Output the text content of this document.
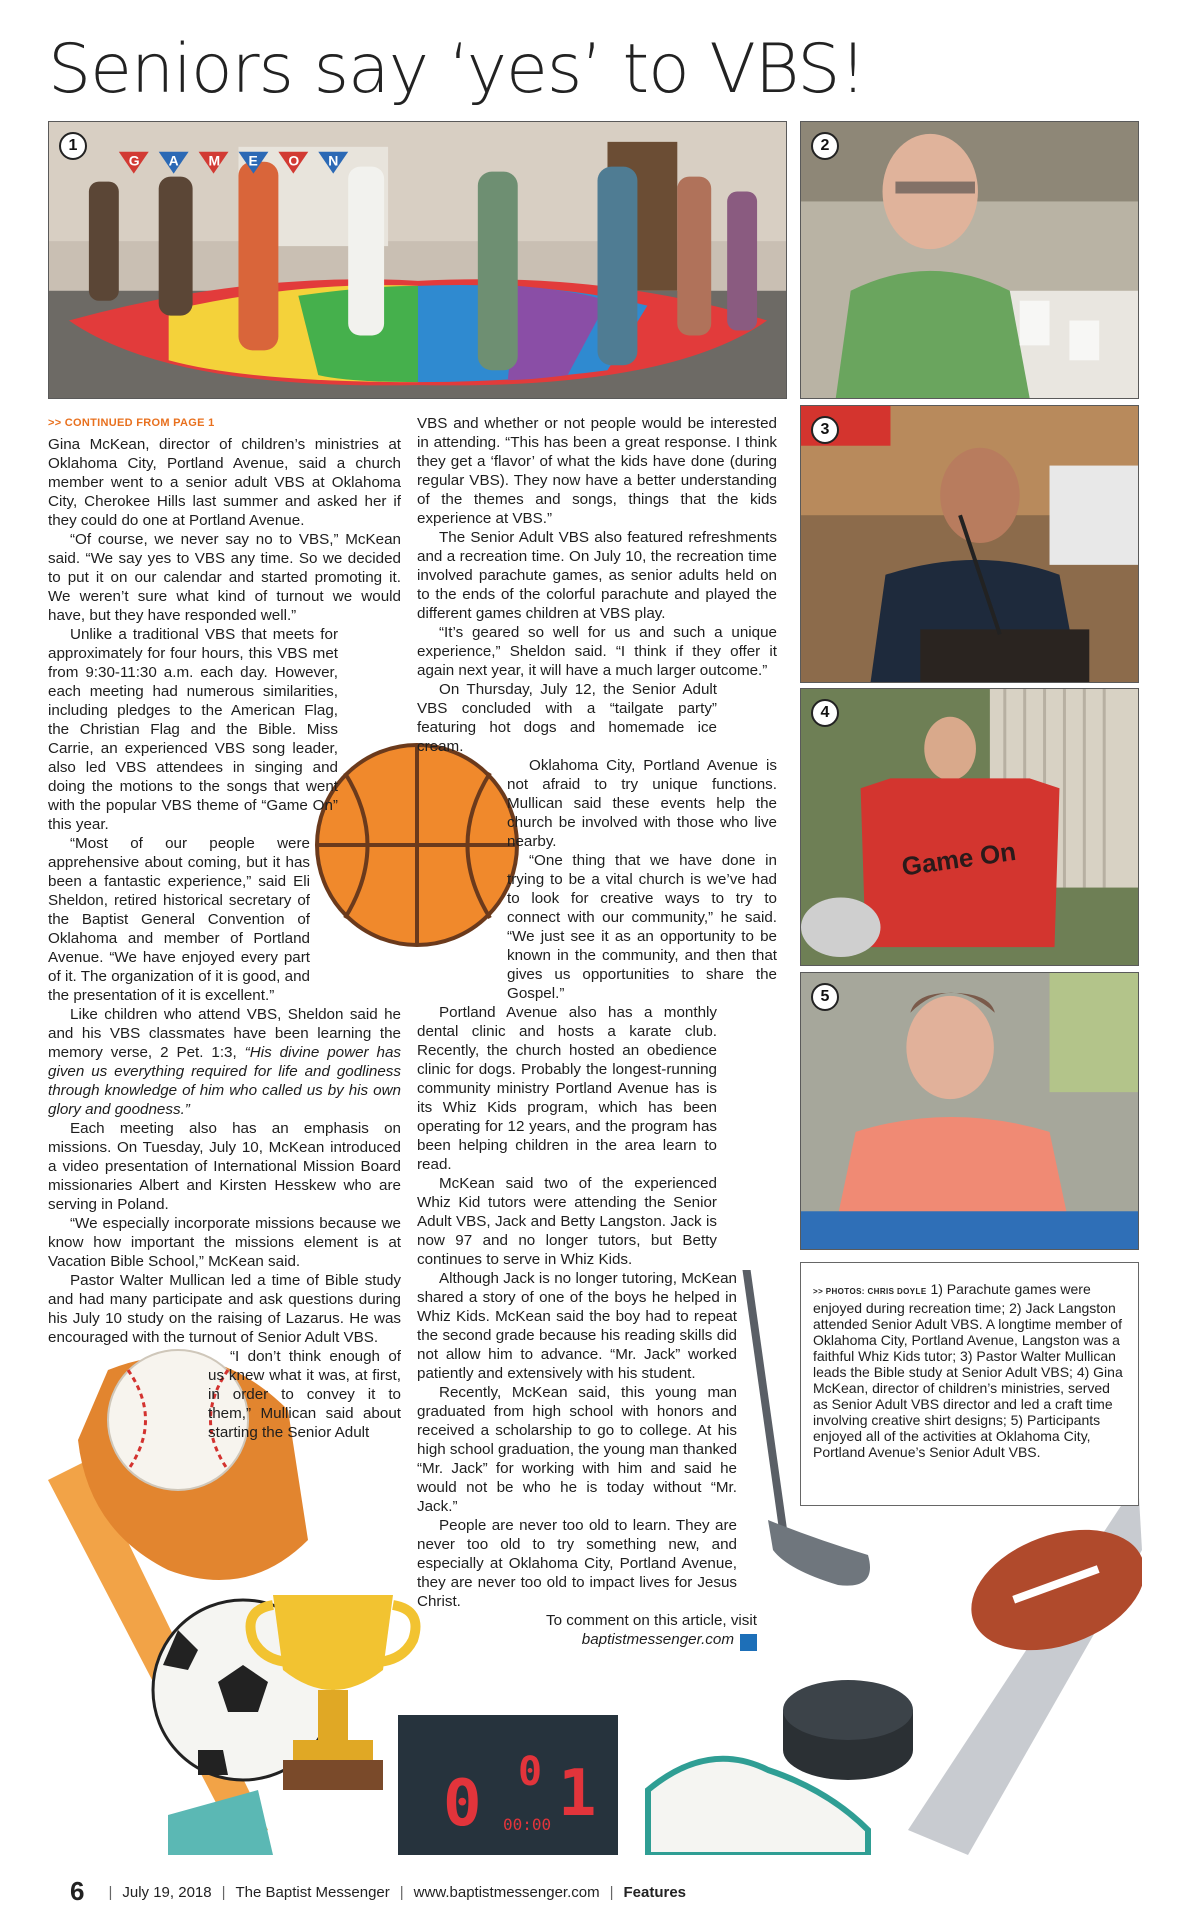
Seniors say ‘yes’ to VBS!
G A M E O N
1	2
3
Game On
4
5
0 0 1
00:00

>> CONTINUED FROM PAGE 1

Gina McKean, director of children’s ministries at Oklahoma City, Portland Avenue, said a church member went to a senior adult VBS at Oklahoma City, Cherokee Hills last summer and asked her if they could do one at Portland Avenue.

“Of course, we never say no to VBS,” McKean said. “We say yes to VBS any time. So we decided to put it on our calendar and started promoting it. We weren’t sure what kind of turnout we would have, but they have responded well.”

Unlike a traditional VBS that meets for approximately for four hours, this VBS met from 9:30-11:30 a.m. each day. However, each meeting had numerous similarities, including pledges to the American Flag, the Christian Flag and the Bible. Miss Carrie, an experienced VBS song leader, also led VBS attendees in singing and doing the motions to the songs that went with the popular VBS theme of “Game On” this year.

“Most of our people were apprehensive about coming, but it has been a fantastic experience,” said Eli Sheldon, retired historical secretary of the Baptist General Convention of Oklahoma and member of Portland Avenue. “We have enjoyed every part of it. The organization of it is good, and the presentation of it is excellent.”

Like children who attend VBS, Sheldon said he and his VBS classmates have been learning the memory verse, 2 Pet. 1:3, “His divine power has given us everything required for life and godliness through knowledge of him who called us by his own glory and goodness.”

Each meeting also has an emphasis on missions. On Tuesday, July 10, McKean introduced a video presentation of International Mission Board missionaries Albert and Kirsten Hesskew who are serving in Poland.

“We especially incorporate missions because we know how important the missions element is at Vacation Bible School,” McKean said.

Pastor Walter Mullican led a time of Bible study and had many participate and ask questions during his July 10 study on the raising of Lazarus. He was encouraged with the turnout of Senior Adult VBS.

“I don’t think enough of us knew what it was, at first, in order to convey it to them,” Mullican said about starting the Senior Adult

VBS and whether or not people would be interested in attending. “This has been a great response. I think they get a ‘flavor’ of what the kids have done (during regular VBS). They now have a better understanding of the themes and songs, things that the kids experience at VBS.”

The Senior Adult VBS also featured refreshments and a recreation time. On July 10, the recreation time involved parachute games, as senior adults held on to the ends of the colorful parachute and played the different games children at VBS play.

“It’s geared so well for us and such a unique experience,” Sheldon said. “I think if they offer it again next year, it will have a much larger outcome.”

On Thursday, July 12, the Senior Adult VBS concluded with a “tailgate party” featuring hot dogs and homemade ice cream.

Oklahoma City, Portland Avenue is not afraid to try unique functions. Mullican said these events help the church be involved with those who live nearby.

“One thing that we have done in trying to be a vital church is we’ve had to look for creative ways to try to connect with our community,” he said. “We just see it as an opportunity to be known in the community, and then that gives us opportunities to share the Gospel.”

Portland Avenue also has a monthly dental clinic and hosts a karate club. Recently, the church hosted an obedience clinic for dogs. Probably the longest-running community ministry Portland Avenue has is its Whiz Kids program, which has been operating for 12 years, and the program has been helping children in the area learn to read.

McKean said two of the experienced Whiz Kid tutors were attending the Senior Adult VBS, Jack and Betty Langston. Jack is now 97 and no longer tutors, but Betty continues to serve in Whiz Kids.

Although Jack is no longer tutoring, McKean shared a story of one of the boys he helped in Whiz Kids. McKean said the boy had to repeat the second grade because his reading skills did not allow him to advance. “Mr. Jack” worked patiently and extensively with his student.

Recently, McKean said, this young man graduated from high school with honors and received a scholarship to go to college. At his high school graduation, the young man thanked “Mr. Jack” for working with him and said he would not be who he is today without “Mr. Jack.”

People are never too old to learn. They are never too old to try something new, and especially at Oklahoma City, Portland Avenue, they are never too old to impact lives for Jesus Christ.

To comment on this article, visit baptistmessenger.com m

>> PHOTOS: CHRIS DOYLE 1) Parachute games were enjoyed during recreation time; 2) Jack Langston attended Senior Adult VBS. A longtime member of Oklahoma City, Portland Avenue, Langston was a faithful Whiz Kids tutor; 3) Pastor Walter Mullican leads the Bible study at Senior Adult VBS; 4) Gina McKean, director of children’s ministries, served as Senior Adult VBS director and led a craft time involving creative shirt designs; 5) Participants enjoyed all of the activities at Oklahoma City, Portland Avenue’s Senior Adult VBS.
6 | July 19, 2018 | The Baptist Messenger | www.baptistmessenger.com | Features
